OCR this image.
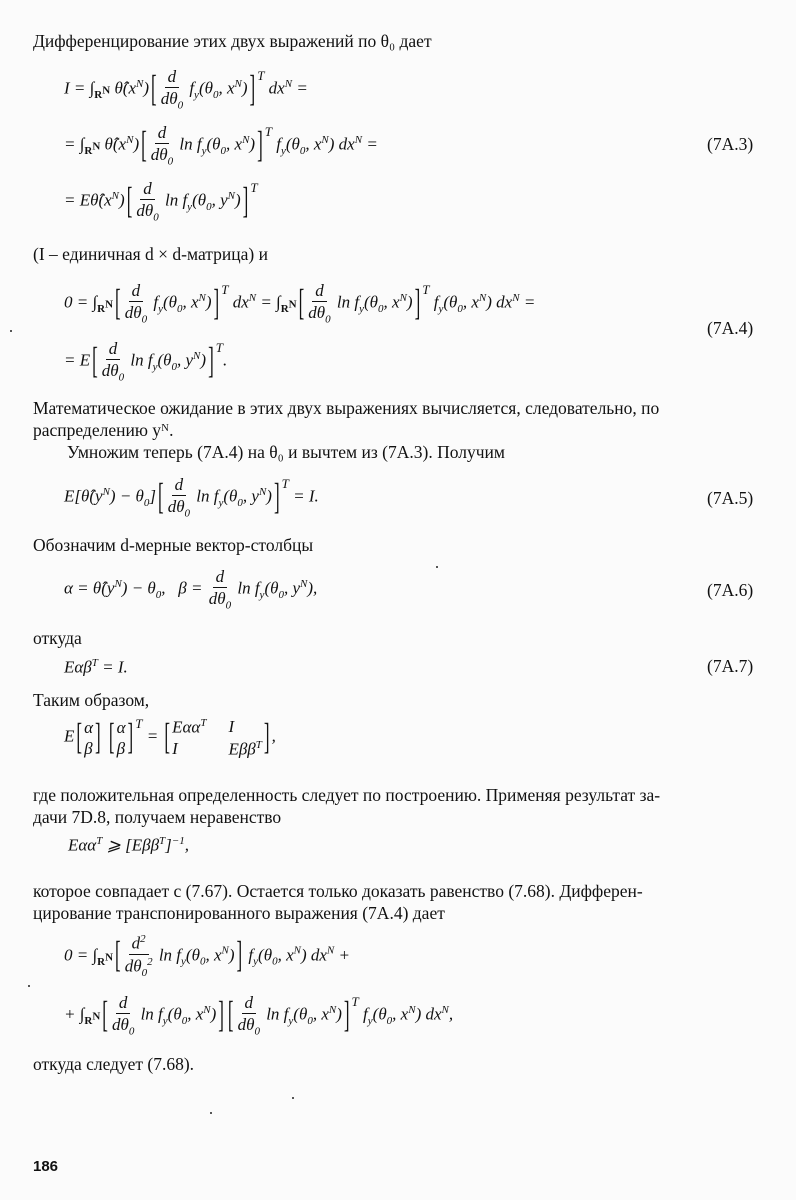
Дифференцирование этих двух выражений по θ₀ дает
$I = \int_{R^N}$ $\thetâ(x^N)$ [ $\frac{d}{d\theta_0} f_y(\theta_0$, $x^N$) ] $^T$ $dx^N$ =
= $\int_{R^N}$ $\thetâ(x^N)$ [ $\frac{d}{d\theta_0}$ $\ln f_y(\theta_0$, $x^N$) ] $^T$ $f_y(\theta_0$, $x^N$) $dx^N$ =	(7A.3)
= $E\thetâ(x^N)$ [ $\frac{d}{d\theta_0}$ $\ln f_y(\theta_0$, $y^N$) ] $^T$
(I – единичная d × d-матрица) и
$0 = \int_{R^N}$ [ $\frac{d}{d\theta_0} f_y(\theta_0$, $x^N$) ] $^T$ $dx^N = \int_{R^N}$ [ $\frac{d}{d\theta_0}$ $\ln f_y(\theta_0$, $x^N$) ] $^T$ $f_y(\theta_0$, $x^N$) $dx^N$ =
(7A.4)
= E [ $\frac{d}{d\theta_0}$ $\ln f_y(\theta_0$, $y^N$) ] $^T$.
Математическое ожидание в этих двух выражениях вычисляется, следовательно, по
распределению yᴺ.
Умножим теперь (7A.4) на θ₀ и вычтем из (7A.3). Получим
$E[\thetâ(y^N) - \theta_0]$ [ $\frac{d}{d\theta_0}$ $\ln f_y(\theta_0$, $y^N$) ] $^T$ = I.	(7A.5)
Обозначим d-мерные вектор-столбцы
$\alpha = \thetâ(y^N) - \theta_0$,   $\beta = \frac{d}{d\theta_0}$ $\ln f_y(\theta_0$, $y^N$),	(7A.6)
откуда
Eαβ$^T$ = I.	(7A.7)
Таким образом,
E [ α
β ] [ α
β ] $^T$ = [ Eαα$^T$ I
I	Eββ$^T$ ] ,
где положительная определенность следует по построению. Применяя результат за-
дачи 7D.8, получаем неравенство
Eαα$^T$ ⩾ $[E\beta\beta^T]^{-1}$,
которое совпадает с (7.67). Остается только доказать равенство (7.68). Дифферен-
цирование транспонированного выражения (7A.4) дает
$0 = \int_{R^N}$ [ $\frac{d^2}{d\theta_0^2}$ $\ln f_y(\theta_0$, $x^N$) ] $f_y(\theta_0$, $x^N$) $dx^N$ +
+ $\int_{R^N}$ [ $\frac{d}{d\theta_0}$ $\ln f_y(\theta_0$, $x^N$) ] [ $\frac{d}{d\theta_0}$ $\ln f_y(\theta_0$, $x^N$) ] $^T$ $f_y(\theta_0$, $x^N$) $dx^N$,
откуда следует (7.68).
186
